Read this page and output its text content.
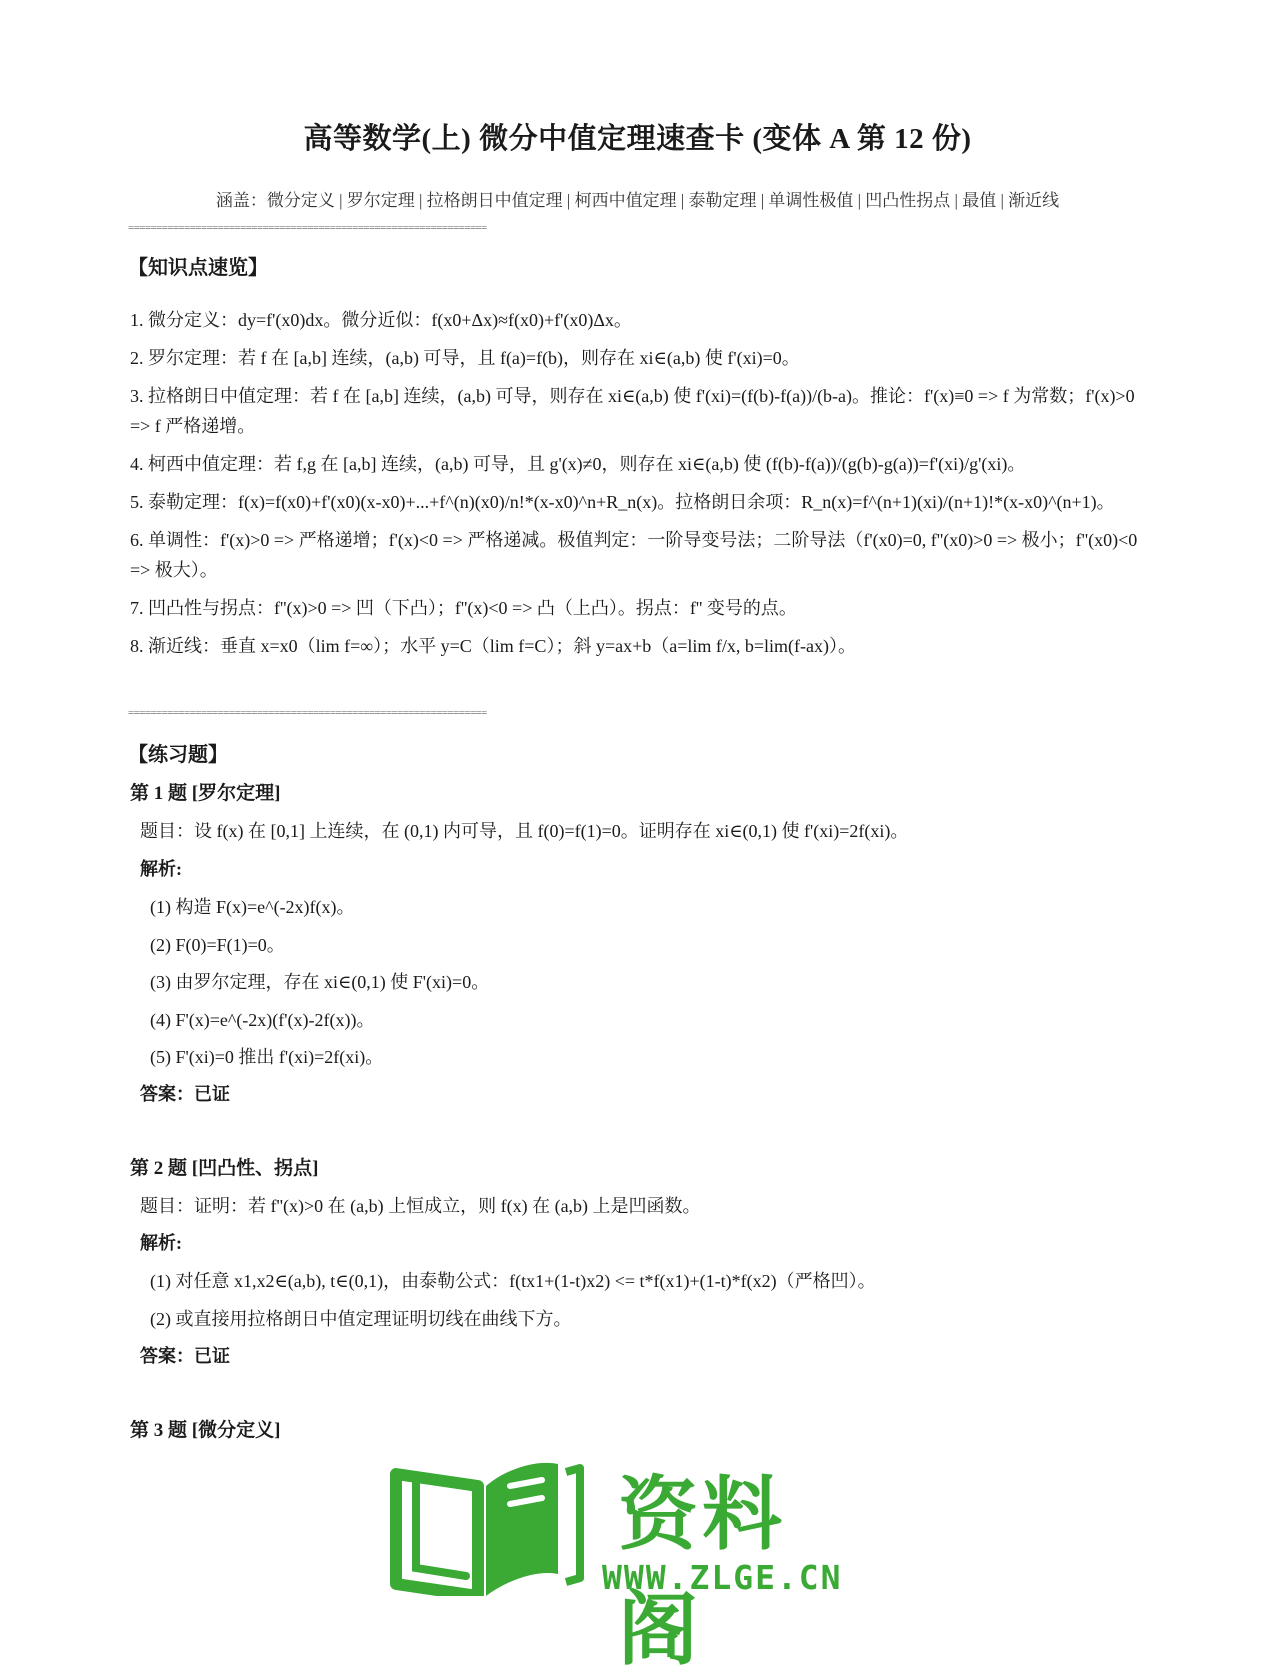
高等数学(上) 微分中值定理速查卡 (变体 A 第 12 份)
涵盖：微分定义 | 罗尔定理 | 拉格朗日中值定理 | 柯西中值定理 | 泰勒定理 | 单调性极值 | 凹凸性拐点 | 最值 | 渐近线
================================================================
【知识点速览】
1. 微分定义：dy=f'(x0)dx。微分近似：f(x0+Δx)≈f(x0)+f'(x0)Δx。
2. 罗尔定理：若 f 在 [a,b] 连续，(a,b) 可导，且 f(a)=f(b)，则存在 xi∈(a,b) 使 f'(xi)=0。
3. 拉格朗日中值定理：若 f 在 [a,b] 连续，(a,b) 可导，则存在 xi∈(a,b) 使 f'(xi)=(f(b)-f(a))/(b-a)。推论：f'(x)≡0 => f 为常数；f'(x)>0 => f 严格递增。
4. 柯西中值定理：若 f,g 在 [a,b] 连续，(a,b) 可导，且 g'(x)≠0，则存在 xi∈(a,b) 使 (f(b)-f(a))/(g(b)-g(a))=f'(xi)/g'(xi)。
5. 泰勒定理：f(x)=f(x0)+f'(x0)(x-x0)+...+f^(n)(x0)/n!*(x-x0)^n+R_n(x)。拉格朗日余项：R_n(x)=f^(n+1)(xi)/(n+1)!*(x-x0)^(n+1)。
6. 单调性：f'(x)>0 => 严格递增；f'(x)<0 => 严格递减。极值判定：一阶导变号法；二阶导法（f'(x0)=0, f''(x0)>0 => 极小；f''(x0)<0 => 极大）。
7. 凹凸性与拐点：f''(x)>0 => 凹（下凸）；f''(x)<0 => 凸（上凸）。拐点：f'' 变号的点。
8. 渐近线：垂直 x=x0（lim f=∞）；水平 y=C（lim f=C）；斜 y=ax+b（a=lim f/x, b=lim(f-ax)）。
================================================================
【练习题】
第 1 题 [罗尔定理]
题目：设 f(x) 在 [0,1] 上连续，在 (0,1) 内可导，且 f(0)=f(1)=0。证明存在 xi∈(0,1) 使 f'(xi)=2f(xi)。
解析:
(1) 构造 F(x)=e^(-2x)f(x)。
(2) F(0)=F(1)=0。
(3) 由罗尔定理，存在 xi∈(0,1) 使 F'(xi)=0。
(4) F'(x)=e^(-2x)(f'(x)-2f(x))。
(5) F'(xi)=0 推出 f'(xi)=2f(xi)。
答案：已证
第 2 题 [凹凸性、拐点]
题目：证明：若 f''(x)>0 在 (a,b) 上恒成立，则 f(x) 在 (a,b) 上是凹函数。
解析:
(1) 对任意 x1,x2∈(a,b), t∈(0,1)，由泰勒公式：f(tx1+(1-t)x2) <= t*f(x1)+(1-t)*f(x2)（严格凹）。
(2) 或直接用拉格朗日中值定理证明切线在曲线下方。
答案：已证
第 3 题 [微分定义]
资料阁
WWW.ZLGE.CN
